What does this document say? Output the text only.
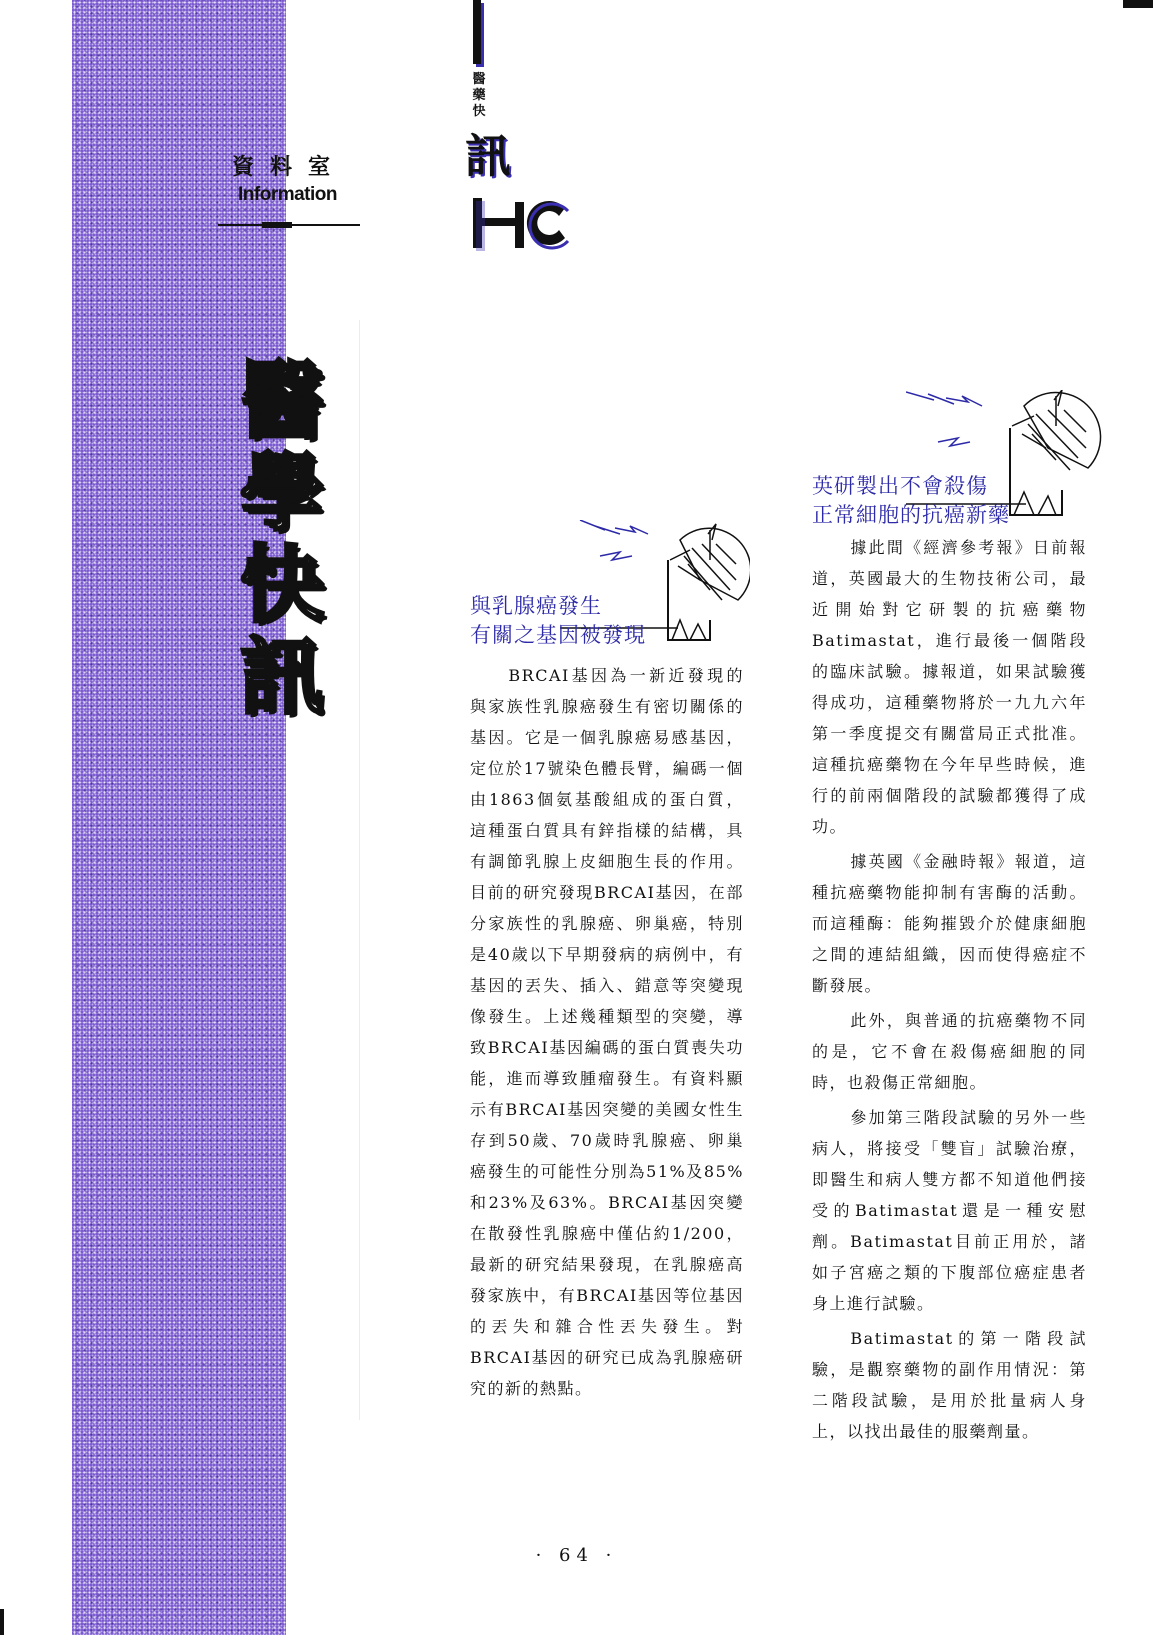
資料室
Information
醫藥快
訊
醫
學
快
訊
與乳腺癌發生
有關之基因被發現

BRCAI基因為一新近發現的與家族性乳腺癌發生有密切關係的基因。它是一個乳腺癌易感基因，定位於17號染色體長臂，編碼一個由1863個氨基酸組成的蛋白質，這種蛋白質具有鋅指樣的結構，具有調節乳腺上皮細胞生長的作用。目前的研究發現BRCAI基因，在部分家族性的乳腺癌、卵巢癌，特別是40歲以下早期發病的病例中，有基因的丟失、插入、錯意等突變現像發生。上述幾種類型的突變，導致BRCAI基因編碼的蛋白質喪失功能，進而導致腫瘤發生。有資料顯示有BRCAI基因突變的美國女性生存到50歲、70歲時乳腺癌、卵巢癌發生的可能性分別為51%及85%和23%及63%。BRCAI基因突變在散發性乳腺癌中僅佔約1/200，最新的研究結果發現，在乳腺癌高發家族中，有BRCAI基因等位基因的丟失和雜合性丟失發生。對BRCAI基因的研究已成為乳腺癌研究的新的熱點。

英研製出不會殺傷
正常細胞的抗癌新藥

據此間《經濟參考報》日前報道，英國最大的生物技術公司，最近開始對它研製的抗癌藥物Batimastat，進行最後一個階段的臨床試驗。據報道，如果試驗獲得成功，這種藥物將於一九九六年第一季度提交有關當局正式批准。這種抗癌藥物在今年早些時候，進行的前兩個階段的試驗都獲得了成功。

據英國《金融時報》報道，這種抗癌藥物能抑制有害酶的活動。而這種酶：能夠摧毀介於健康細胞之間的連結組織，因而使得癌症不斷發展。

此外，與普通的抗癌藥物不同的是，它不會在殺傷癌細胞的同時，也殺傷正常細胞。

參加第三階段試驗的另外一些病人，將接受「雙盲」試驗治療，即醫生和病人雙方都不知道他們接受的Batimastat還是一種安慰劑。Batimastat目前正用於，諸如子宮癌之類的下腹部位癌症患者身上進行試驗。

Batimastat的第一階段試驗，是觀察藥物的副作用情況：第二階段試驗，是用於批量病人身上，以找出最佳的服藥劑量。

· 64 ·
